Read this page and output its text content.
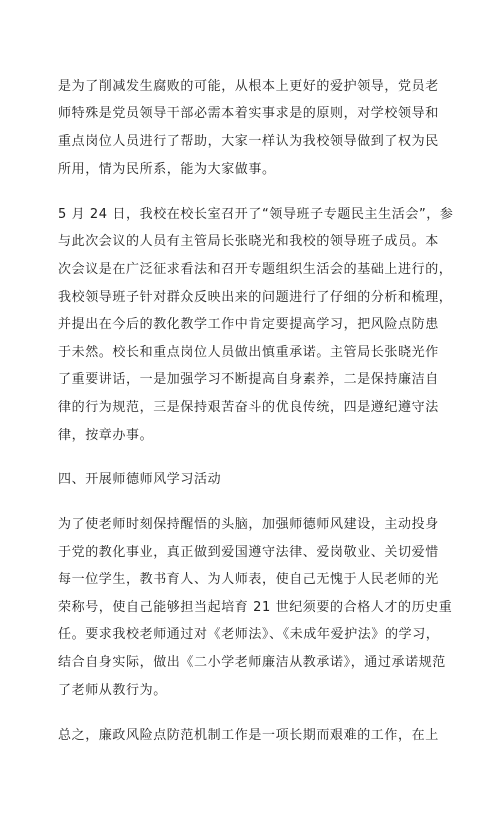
是为了削减发生腐败的可能，从根本上更好的爱护领导，党员老
师特殊是党员领导干部必需本着实事求是的原则，对学校领导和
重点岗位人员进行了帮助，大家一样认为我校领导做到了权为民
所用，情为民所系，能为大家做事。
5 月 24 日，我校在校长室召开了“领导班子专题民主生活会”，参
与此次会议的人员有主管局长张晓光和我校的领导班子成员。本
次会议是在广泛征求看法和召开专题组织生活会的基础上进行的，
我校领导班子针对群众反映出来的问题进行了仔细的分析和梳理，
并提出在今后的教化教学工作中肯定要提高学习，把风险点防患
于未然。校长和重点岗位人员做出慎重承诺。主管局长张晓光作
了重要讲话，一是加强学习不断提高自身素养，二是保持廉洁自
律的行为规范，三是保持艰苦奋斗的优良传统，四是遵纪遵守法
律，按章办事。
四、开展师德师风学习活动
为了使老师时刻保持醒悟的头脑，加强师德师风建设，主动投身
于党的教化事业，真正做到爱国遵守法律、爱岗敬业、关切爱惜
每一位学生，教书育人、为人师表，使自己无愧于人民老师的光
荣称号，使自己能够担当起培育 21 世纪须要的合格人才的历史重
任。要求我校老师通过对《老师法》、《未成年爱护法》的学习，
结合自身实际，做出《二小学老师廉洁从教承诺》，通过承诺规范
了老师从教行为。
总之，廉政风险点防范机制工作是一项长期而艰难的工作，在上
